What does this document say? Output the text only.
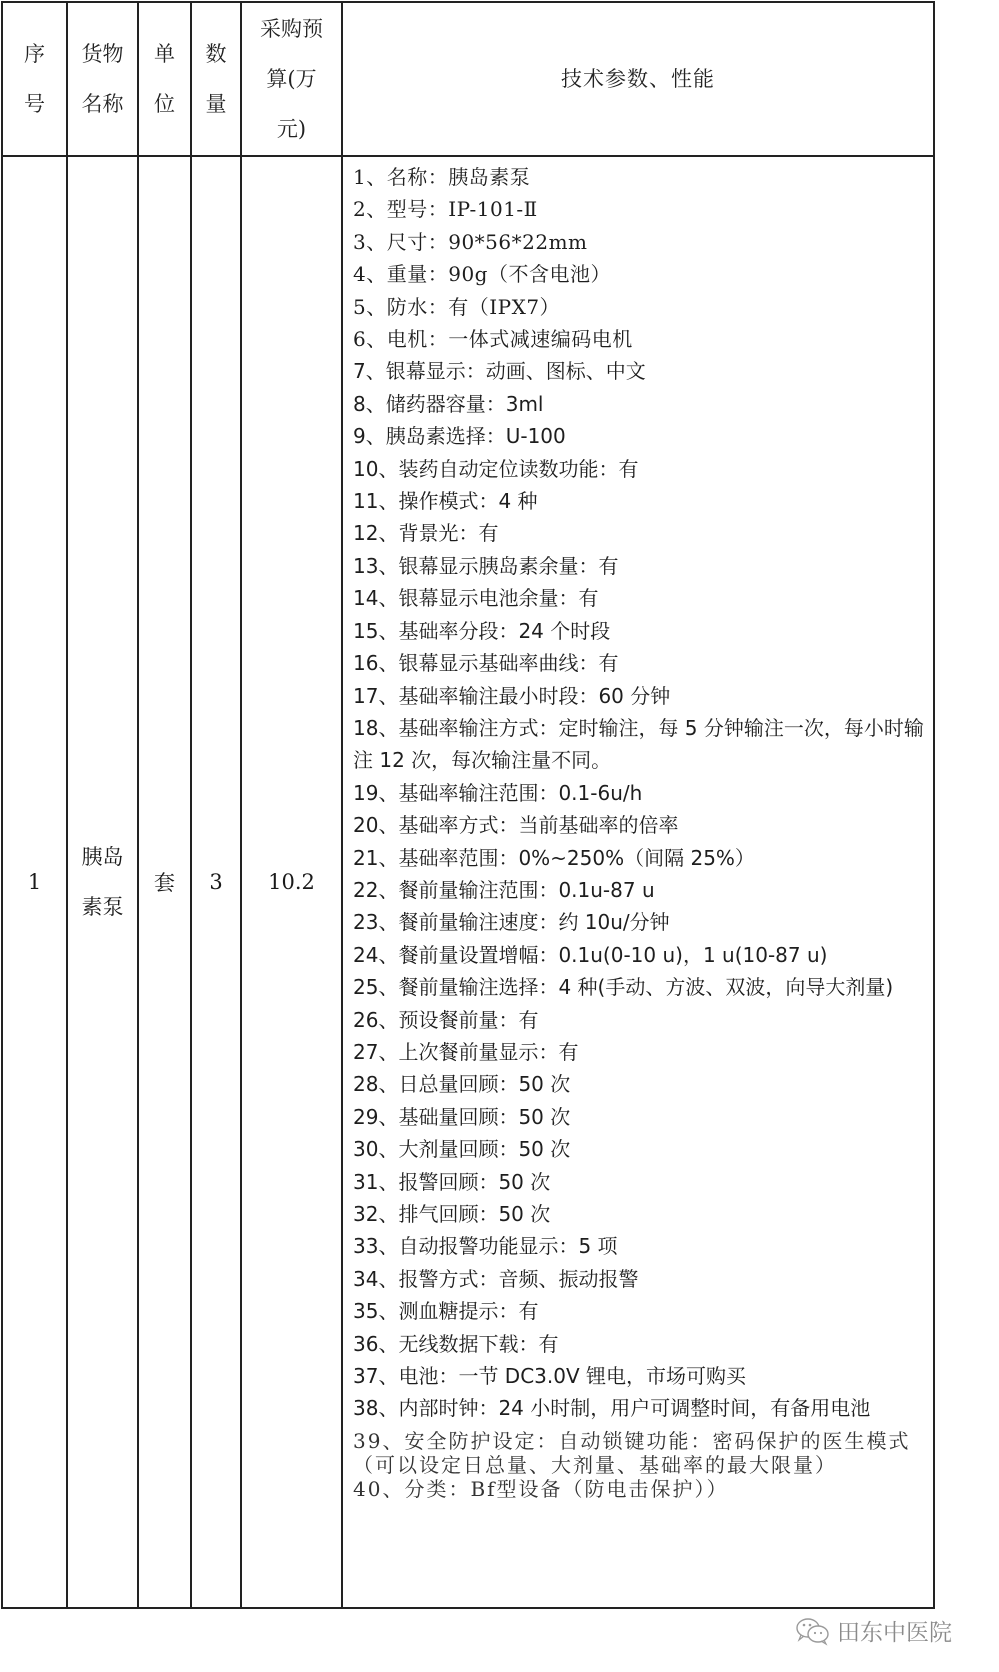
序号	货物名称	单位	数量	采购预算(万元)	技术参数、性能
1	胰岛素泵	套	3	10.2	
1、名称：胰岛素泵
2、型号：IP-101-Ⅱ
3、尺寸：90*56*22mm
4、重量：90g（不含电池）
5、防水：有（IPX7）
6、电机：一体式减速编码电机
7、银幕显示：动画、图标、中文
8、储药器容量：3ml
9、胰岛素选择：U-100
10、装药自动定位读数功能：有
11、操作模式：4 种
12、背景光：有
13、银幕显示胰岛素余量：有
14、银幕显示电池余量：有
15、基础率分段：24 个时段
16、银幕显示基础率曲线：有
17、基础率输注最小时段：60 分钟
18、基础率输注方式：定时输注，每 5 分钟输注一次，每小时输注 12 次，每次输注量不同。
19、基础率输注范围：0.1-6u/h
20、基础率方式：当前基础率的倍率
21、基础率范围：0%~250%（间隔 25%）
22、餐前量输注范围：0.1u-87 u
23、餐前量输注速度：约 10u/分钟
24、餐前量设置增幅：0.1u(0-10 u)，1 u(10-87 u)
25、餐前量输注选择：4 种(手动、方波、双波，向导大剂量)
26、预设餐前量：有
27、上次餐前量显示：有
28、日总量回顾：50 次
29、基础量回顾：50 次
30、大剂量回顾：50 次
31、报警回顾：50 次
32、排气回顾：50 次
33、自动报警功能显示：5 项
34、报警方式：音频、振动报警
35、测血糖提示：有
36、无线数据下载：有
37、电池：一节 DC3.0V 锂电，市场可购买
38、内部时钟：24 小时制，用户可调整时间，有备用电池
39、安全防护设定：自动锁键功能：密码保护的医生模式（可以设定日总量、大剂量、基础率的最大限量）
40、分类：Bf型设备（防电击保护））
田东中医院
